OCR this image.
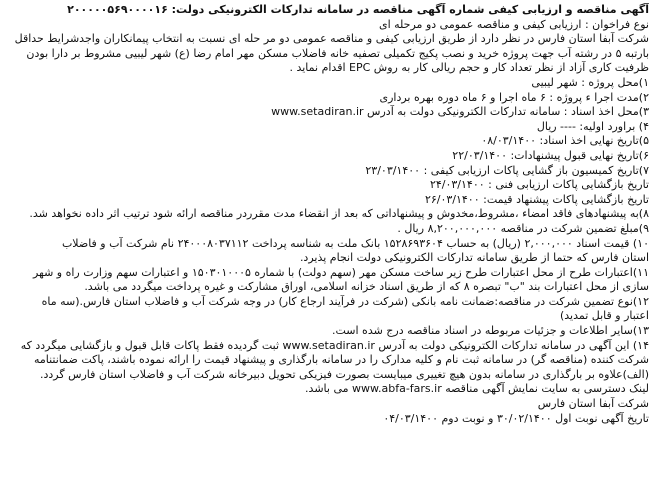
آگهی مناقصه و ارزیابی کیفی شماره آگهی مناقصه در سامانه تدارکات الکترونیکی دولت: ۲۰۰۰۰۰۵۶۹۰۰۰۰۱۶
نوع فراخوان : ارزیابی کیفی و مناقصه عمومی دو مرحله ای
شرکت آبفا استان فارس در نظر دارد از طریق ارزیابی کیفی و مناقصه عمومی دو مر حله ای نسبت به انتخاب پیمانکاران واجدشرایط حداقل
بارتبه ۵ در رشته آب جهت پروژه خرید و نصب پکیج تکمیلی تصفیه خانه فاضلاب مسکن مهر امام رضا (ع) شهر لیبیی مشروط بر دارا بودن
ظرفیت کاری آزاد از نظر تعداد کار و حجم ریالی کار به روش EPC اقدام نماید .
۱)محل پروژه : شهر لیبیی
۲)مدت اجرا ء پروژه : ۶ ماه اجرا و ۶ ماه دوره بهره برداری
۳)محل اخذ اسناد : سامانه تدارکات الکترونیکی دولت به آدرس www.setadiran.ir
۴) براورد اولیه: ---- ریال
۵)تاریخ نهایی اخذ اسناد: ۰۸/۰۳/۱۴۰۰
۶)تاریخ نهایی قبول پیشنهادات: ۲۲/۰۳/۱۴۰۰
۷)تاریخ کمیسیون باز گشایی پاکات ارزیابی کیفی : ۲۳/۰۳/۱۴۰۰
تاریخ بازگشایی پاکات ارزیابی فنی : ۲۴/۰۳/۱۴۰۰
تاریخ بازگشایی پاکات پیشنهاد قیمت: ۲۶/۰۳/۱۴۰۰
۸)به پیشنهادهای فاقد امضاء ،مشروط،مخدوش و پیشنهاداتی که بعد از انقضاء مدت مقرردر مناقصه ارائه شود ترتیب اثر داده نخواهد شد.
۹)مبلغ تضمین شرکت در مناقصه ۸,۲۰۰,۰۰۰,۰۰۰ ریال .
۱۰) قیمت اسناد ۲,۰۰۰,۰۰۰ (ریال) به حساب ۱۵۲۸۶۹۳۶۰۴ بانک ملت به شناسه پرداخت ۲۴۰۰۰۸۰۳۷۱۱۲ نام شرکت آب و فاضلاب
استان فارس که حتما از طریق سامانه تدارکات الکترونیکی دولت انجام پذیرد.
۱۱)اعتبارات طرح از محل اعتبارات طرح زیر ساخت مسکن مهر (سهم دولت) با شماره ۱۵۰۳۰۱۰۰۰۵ و اعتبارات سهم وزارت راه و شهر
سازی از محل اعتبارات بند "ب" تبصره ۸ که از طریق اسناد خزانه اسلامی، اوراق مشارکت و غیره پرداخت میگردد می باشد.
۱۲)نوع تضمین شرکت در مناقصه:ضمانت نامه بانکی (شرکت در فرآیند ارجاع کار) در وجه شرکت آب و فاضلاب استان فارس.(سه ماه
اعتبار و قابل تمدید)
۱۳)سایر اطلاعات و جزئیات مربوطه در اسناد مناقصه درج شده است.
۱۴) این آگهی در سامانه تدارکات الکترونیکی دولت به آدرس www.setadiran.ir ثبت گردیده فقط پاکات قابل قبول و بازگشایی میگردد که
شرکت کننده (مناقصه گر) در سامانه ثبت نام و کلیه مدارک را در سامانه بارگذاری و پیشنهاد قیمت را ارائه نموده باشند، پاکت ضمانتنامه
(الف)علاوه بر بارگذاری در سامانه بدون هیچ تغییری میبایست بصورت فیزیکی تحویل دبیرخانه شرکت آب و فاضلاب استان فارس گردد.
لینک دسترسی به سایت نمایش آگهی مناقصه www.abfa-fars.ir می باشد.
شرکت آبفا استان فارس
تاریخ آگهی نوبت اول ۳۰/۰۲/۱۴۰۰ و نوبت دوم ۰۴/۰۳/۱۴۰۰
